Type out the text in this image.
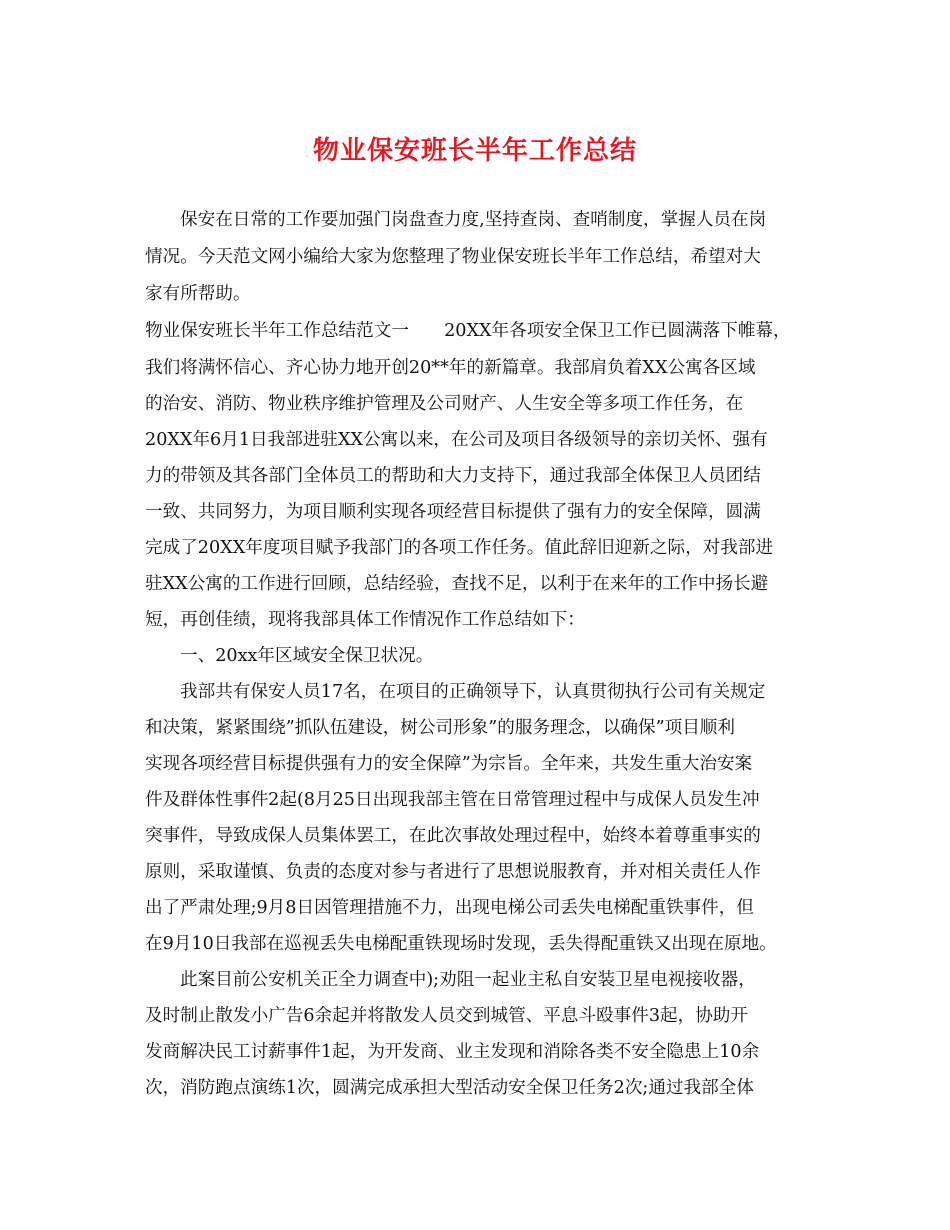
物业保安班长半年工作总结
保安在日常的工作要加强门岗盘查力度,坚持查岗、查哨制度，掌握人员在岗
情况。今天范文网小编给大家为您整理了物业保安班长半年工作总结，希望对大
家有所帮助。
物业保安班长半年工作总结范文一　　20XX年各项安全保卫工作已圆满落下帷幕，
我们将满怀信心、齐心协力地开创20**年的新篇章。我部肩负着XX公寓各区域
的治安、消防、物业秩序维护管理及公司财产、人生安全等多项工作任务，在
20XX年6月1日我部进驻XX公寓以来，在公司及项目各级领导的亲切关怀、强有
力的带领及其各部门全体员工的帮助和大力支持下，通过我部全体保卫人员团结
一致、共同努力，为项目顺利实现各项经营目标提供了强有力的安全保障，圆满
完成了20XX年度项目赋予我部门的各项工作任务。值此辞旧迎新之际，对我部进
驻XX公寓的工作进行回顾，总结经验，查找不足，以利于在来年的工作中扬长避
短，再创佳绩，现将我部具体工作情况作工作总结如下：
一、20xx年区域安全保卫状况。
我部共有保安人员17名，在项目的正确领导下，认真贯彻执行公司有关规定
和决策，紧紧围绕”抓队伍建设，树公司形象”的服务理念，以确保”项目顺利
实现各项经营目标提供强有力的安全保障”为宗旨。全年来，共发生重大治安案
件及群体性事件2起(8月25日出现我部主管在日常管理过程中与成保人员发生冲
突事件，导致成保人员集体罢工，在此次事故处理过程中，始终本着尊重事实的
原则，采取谨慎、负责的态度对参与者进行了思想说服教育，并对相关责任人作
出了严肃处理;9月8日因管理措施不力，出现电梯公司丢失电梯配重铁事件，但
在9月10日我部在巡视丢失电梯配重铁现场时发现，丢失得配重铁又出现在原地。
此案目前公安机关正全力调查中);劝阻一起业主私自安装卫星电视接收器，
及时制止散发小广告6余起并将散发人员交到城管、平息斗殴事件3起，协助开
发商解决民工讨薪事件1起，为开发商、业主发现和消除各类不安全隐患上10余
次，消防跑点演练1次，圆满完成承担大型活动安全保卫任务2次;通过我部全体
